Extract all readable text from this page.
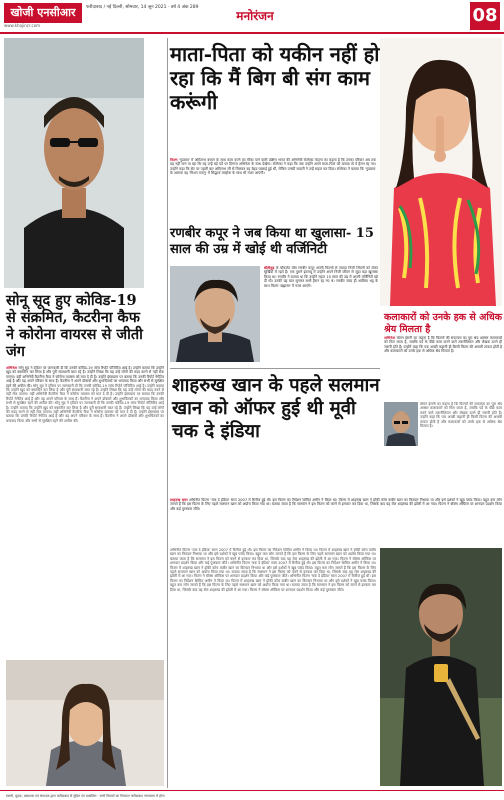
खोजी एनसीआर
www.khojincr.com
फरीदाबाद / नई दिल्ली, सोमवार, 14 जून 2021 · वर्ष 4 अंक 289
मनोरंजन	08
सोनू सूद हुए कोविड-19 से संक्रमित, कैटरीना कैफ ने कोरोना वायरस से जीती जंग
अभिनेता सोनू सूद ने ट्विटर पर जानकारी दी कि उनकी कोविड-19 जांच रिपोर्ट पॉजिटिव आई है। उन्होंने बताया कि उन्होंने खुद को क्वारंटीन कर लिया है और पूरी सावधानी बरत रहे हैं। उन्होंने लिखा कि यह उन्हें लोगों की मदद करने से नहीं रोक पाएगा। वहीं अभिनेत्री कैटरीना कैफ ने कोरोना वायरस को मात दे दी है। उन्होंने इंस्टाग्राम पर बताया कि उनकी रिपोर्ट नेगेटिव आई है और वह अपने परिवार के साथ हैं। कैटरीना ने अपने डॉक्टरों और शुभचिंतकों का धन्यवाद किया और सभी से सुरक्षित रहने की अपील की। सोनू सूद ने ट्विटर पर जानकारी दी कि उनकी कोविड-19 जांच रिपोर्ट पॉजिटिव आई है। उन्होंने बताया कि उन्होंने खुद को क्वारंटीन कर लिया है और पूरी सावधानी बरत रहे हैं। उन्होंने लिखा कि यह उन्हें लोगों की मदद करने से नहीं रोक पाएगा। वहीं अभिनेत्री कैटरीना कैफ ने कोरोना वायरस को मात दे दी है। उन्होंने इंस्टाग्राम पर बताया कि उनकी रिपोर्ट नेगेटिव आई है और वह अपने परिवार के साथ हैं। कैटरीना ने अपने डॉक्टरों और शुभचिंतकों का धन्यवाद किया और सभी से सुरक्षित रहने की अपील की। सोनू सूद ने ट्विटर पर जानकारी दी कि उनकी कोविड-19 जांच रिपोर्ट पॉजिटिव आई है। उन्होंने बताया कि उन्होंने खुद को क्वारंटीन कर लिया है और पूरी सावधानी बरत रहे हैं। उन्होंने लिखा कि यह उन्हें लोगों की मदद करने से नहीं रोक पाएगा। वहीं अभिनेत्री कैटरीना कैफ ने कोरोना वायरस को मात दे दी है। उन्होंने इंस्टाग्राम पर बताया कि उनकी रिपोर्ट नेगेटिव आई है और वह अपने परिवार के साथ हैं। कैटरीना ने अपने डॉक्टरों और शुभचिंतकों का धन्यवाद किया और सभी से सुरक्षित रहने की अपील की।
माता-पिता को यकीन नहीं हो रहा कि मैं बिग बी संग काम करूंगी
फिल्म 'गुडबाय' में अमिताभ बच्चन के साथ काम करने का मौका पाने वाली दक्षिण भारत की अभिनेत्री रश्मिका मंदाना का कहना है कि उनका परिवार अब तक यह नहीं मान पा रहा कि वह उन्हें बड़े पर्दे पर दिग्गज अभिनेता के साथ देखेगा। रश्मिका ने कहा कि जब उन्होंने अपने माता-पिता को बताया तो वे हैरान रह गए। उन्होंने कहा कि सेट पर पहली बार अमिताभ जी से मिलकर वह बेहद घबराई हुई थीं, लेकिन उनकी सादगी ने उन्हें सहज कर दिया। रश्मिका ने बताया कि 'गुडबाय' के अलावा वह 'मिशन मजनू' में सिद्धार्थ मल्होत्रा के साथ भी नजर आएंगी।
रणबीर कपूर ने जब किया था खुलासा- 15 साल की उम्र में खोई थी वर्जिनिटी
बॉलीवुड के चॉकलेट बॉय रणबीर कपूर अपनी फिल्मों से ज्यादा निजी जिंदगी को लेकर सुर्खियों में रहते हैं। एक पुराने इंटरव्यू में उन्होंने अपने निजी जीवन से जुड़ा बड़ा खुलासा किया था। रणबीर ने बताया था कि उन्होंने महज 15 साल की उम्र में अपनी वर्जिनिटी खो दी थी। उनकी यह बात सुनकर सभी हैरान रह गए थे। रणबीर जल्द ही आलिया भट्ट के साथ फिल्म 'ब्रह्मास्त्र' में नजर आएंगे।
कलाकारों को उनके हक से अधिक श्रेय मिलता है
अभिनेता बोमन ईरानी का कहना है कि फिल्मों की सफलता का पूरा श्रेय अक्सर कलाकारों को मिल जाता है, जबकि पर्दे के पीछे काम करने वाले तकनीशियन और लेखक उतने ही जरूरी होते हैं। उन्होंने कहा कि एक अच्छी कहानी ही किसी फिल्म की असली ताकत होती है और कलाकारों को उनके हक से अधिक श्रेय मिलता है।
बोमन ईरानी का कहना है कि फिल्मों की सफलता का पूरा श्रेय अक्सर कलाकारों को मिल जाता है, जबकि पर्दे के पीछे काम करने वाले तकनीशियन और लेखक उतने ही जरूरी होते हैं। उन्होंने कहा कि एक अच्छी कहानी ही किसी फिल्म की असली ताकत होती है और कलाकारों को उनके हक से अधिक श्रेय मिलता है।
शाहरुख खान के पहले सलमान खान को ऑफर हुई थी मूवी चक दे इंडिया
शाहरुख खान अभिनीत फिल्म 'चक दे इंडिया' साल 2007 में रिलीज हुई थी। इस फिल्म का निर्देशन शिमित अमीन ने किया था। फिल्म में शाहरुख खान ने हॉकी कोच कबीर खान का किरदार निभाया था और इसे दर्शकों ने खूब पसंद किया। बहुत कम लोग जानते हैं कि इस फिल्म के लिए पहले सलमान खान को अप्रोच किया गया था। बताया जाता है कि सलमान ने इस फिल्म को करने से इनकार कर दिया था, जिसके बाद यह रोल शाहरुख की झोली में आ गया। फिल्म ने बॉक्स ऑफिस पर शानदार प्रदर्शन किया और कई पुरस्कार जीते।
अभिनीत फिल्म 'चक दे इंडिया' साल 2007 में रिलीज हुई थी। इस फिल्म का निर्देशन शिमित अमीन ने किया था। फिल्म में शाहरुख खान ने हॉकी कोच कबीर खान का किरदार निभाया था और इसे दर्शकों ने खूब पसंद किया। बहुत कम लोग जानते हैं कि इस फिल्म के लिए पहले सलमान खान को अप्रोच किया गया था। बताया जाता है कि सलमान ने इस फिल्म को करने से इनकार कर दिया था, जिसके बाद यह रोल शाहरुख की झोली में आ गया। फिल्म ने बॉक्स ऑफिस पर शानदार प्रदर्शन किया और कई पुरस्कार जीते। अभिनीत फिल्म 'चक दे इंडिया' साल 2007 में रिलीज हुई थी। इस फिल्म का निर्देशन शिमित अमीन ने किया था। फिल्म में शाहरुख खान ने हॉकी कोच कबीर खान का किरदार निभाया था और इसे दर्शकों ने खूब पसंद किया। बहुत कम लोग जानते हैं कि इस फिल्म के लिए पहले सलमान खान को अप्रोच किया गया था। बताया जाता है कि सलमान ने इस फिल्म को करने से इनकार कर दिया था, जिसके बाद यह रोल शाहरुख की झोली में आ गया। फिल्म ने बॉक्स ऑफिस पर शानदार प्रदर्शन किया और कई पुरस्कार जीते। अभिनीत फिल्म 'चक दे इंडिया' साल 2007 में रिलीज हुई थी। इस फिल्म का निर्देशन शिमित अमीन ने किया था। फिल्म में शाहरुख खान ने हॉकी कोच कबीर खान का किरदार निभाया था और इसे दर्शकों ने खूब पसंद किया। बहुत कम लोग जानते हैं कि इस फिल्म के लिए पहले सलमान खान को अप्रोच किया गया था। बताया जाता है कि सलमान ने इस फिल्म को करने से इनकार कर दिया था, जिसके बाद यह रोल शाहरुख की झोली में आ गया। फिल्म ने बॉक्स ऑफिस पर शानदार प्रदर्शन किया और कई पुरस्कार जीते।
स्वामी, मुद्रक, प्रकाशक एवं संपादक द्वारा फरीदाबाद से मुद्रित एवं प्रकाशित · सभी विवादों का निपटारा फरीदाबाद न्यायालय में होगा
